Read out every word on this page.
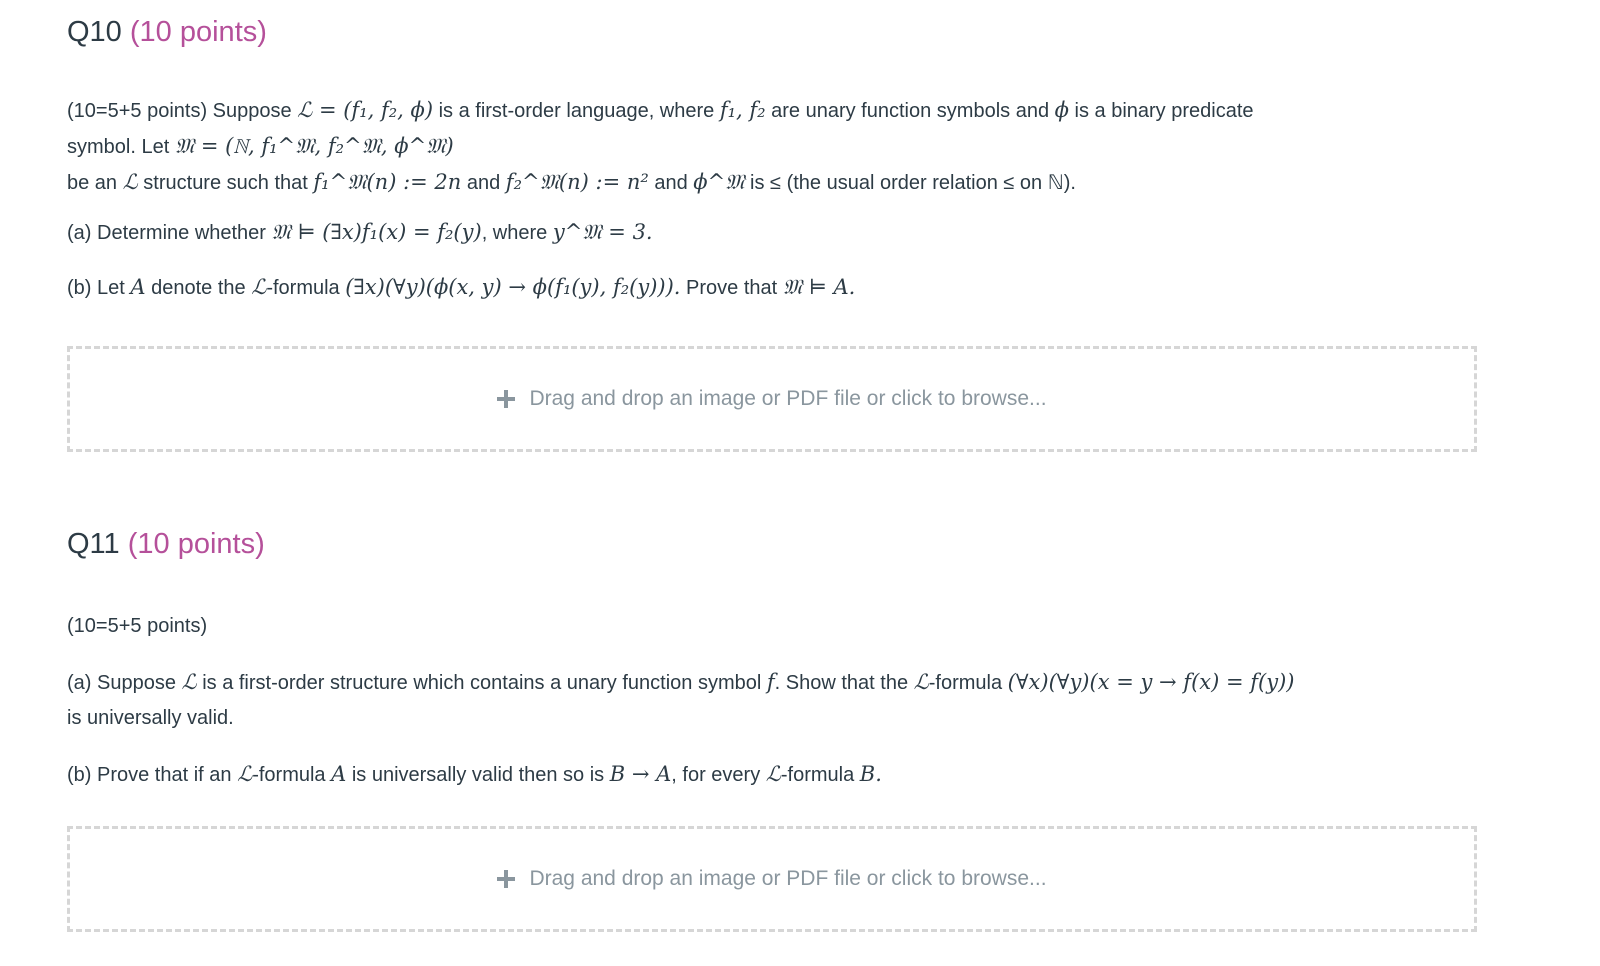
Q10 (10 points)

(10=5+5 points) Suppose ℒ = (f₁, f₂, ϕ) is a first-order language, where f₁, f₂ are unary function symbols and ϕ is a binary predicate

symbol. Let 𝔐 = (ℕ, f₁^𝔐, f₂^𝔐, ϕ^𝔐)

be an ℒ structure such that f₁^𝔐(n) := 2n and f₂^𝔐(n) := n² and ϕ^𝔐 is ≤ (the usual order relation ≤ on ℕ).

(a) Determine whether 𝔐 ⊨ (∃x)f₁(x) = f₂(y), where y^𝔐 = 3.

(b) Let A denote the ℒ-formula (∃x)(∀y)(ϕ(x, y) → ϕ(f₁(y), f₂(y))). Prove that 𝔐 ⊨ A.

Drag and drop an image or PDF file or click to browse...
Q11 (10 points)

(10=5+5 points)

(a) Suppose ℒ is a first-order structure which contains a unary function symbol f. Show that the ℒ-formula (∀x)(∀y)(x = y → f(x) = f(y))

is universally valid.

(b) Prove that if an ℒ-formula A is universally valid then so is B → A, for every ℒ-formula B.

Drag and drop an image or PDF file or click to browse...
